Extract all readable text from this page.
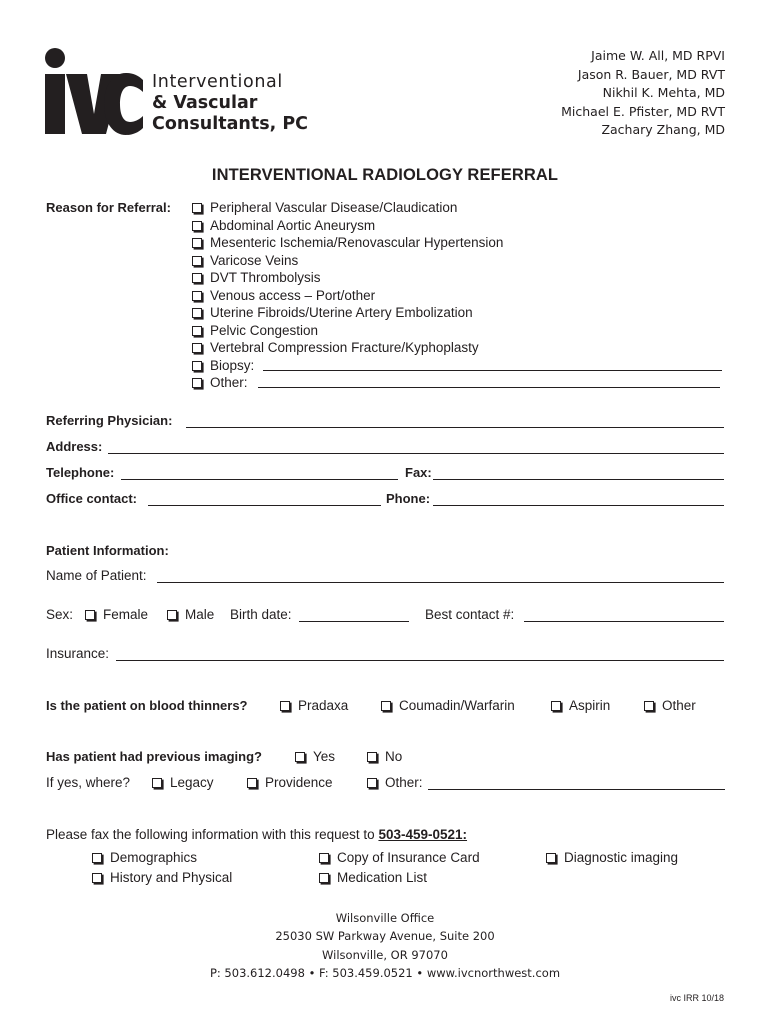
Interventional
& Vascular
Consultants, PC
Jaime W. All, MD RPVI
Jason R. Bauer, MD RVT
Nikhil K. Mehta, MD
Michael E. Pfister, MD RVT
Zachary Zhang, MD
INTERVENTIONAL RADIOLOGY REFERRAL
Reason for Referral:	Peripheral Vascular Disease/Claudication
Abdominal Aortic Aneurysm
Mesenteric Ischemia/Renovascular Hypertension
Varicose Veins
DVT Thrombolysis
Venous access – Port/other
Uterine Fibroids/Uterine Artery Embolization
Pelvic Congestion
Vertebral Compression Fracture/Kyphoplasty
Biopsy:
Other:
Referring Physician:
Address:
Telephone:	Fax:
Office contact:	Phone:
Patient Information:
Name of Patient:
Sex:	Female	Male Birth date:	Best contact #:
Insurance:
Is the patient on blood thinners?	Pradaxa	Coumadin/Warfarin	Aspirin	Other
Has patient had previous imaging?	Yes	No
If yes, where?	Legacy	Providence	Other:
Please fax the following information with this request to 503-459-0521:
Demographics	Copy of Insurance Card	Diagnostic imaging
History and Physical	Medication List
Wilsonville Office
25030 SW Parkway Avenue, Suite 200
Wilsonville, OR 97070
P: 503.612.0498 • F: 503.459.0521 • www.ivcnorthwest.com
ivc IRR 10/18
